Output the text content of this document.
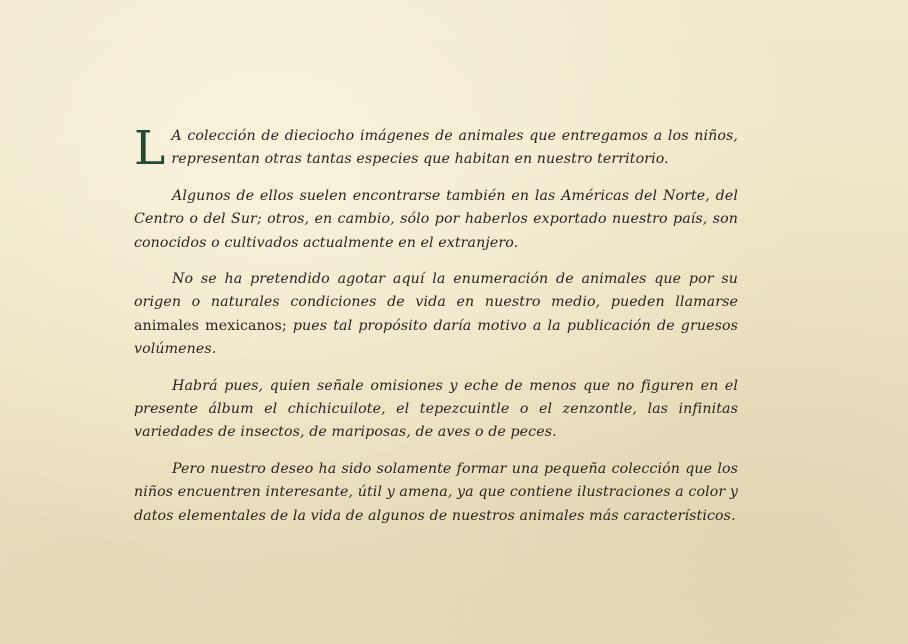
L A colección de dieciocho imágenes de animales que entregamos a los niños, representan otras tantas especies que habitan en nuestro territorio.

Algunos de ellos suelen encontrarse también en las Américas del Norte, del Centro o del Sur; otros, en cambio, sólo por haberlos exportado nuestro país, son conocidos o cultivados actualmente en el extranjero.

No se ha pretendido agotar aquí la enumeración de animales que por su origen o naturales condiciones de vida en nuestro medio, pueden llamarse animales mexicanos; pues tal propósito daría motivo a la publicación de gruesos volúmenes.

Habrá pues, quien señale omisiones y eche de menos que no figuren en el presente álbum el chichicuilote, el tepezcuintle o el zenzontle, las infinitas variedades de insectos, de mariposas, de aves o de peces.

Pero nuestro deseo ha sido solamente formar una pequeña colección que los niños encuentren interesante, útil y amena, ya que contiene ilustraciones a color y datos elementales de la vida de algunos de nuestros animales más característicos.
